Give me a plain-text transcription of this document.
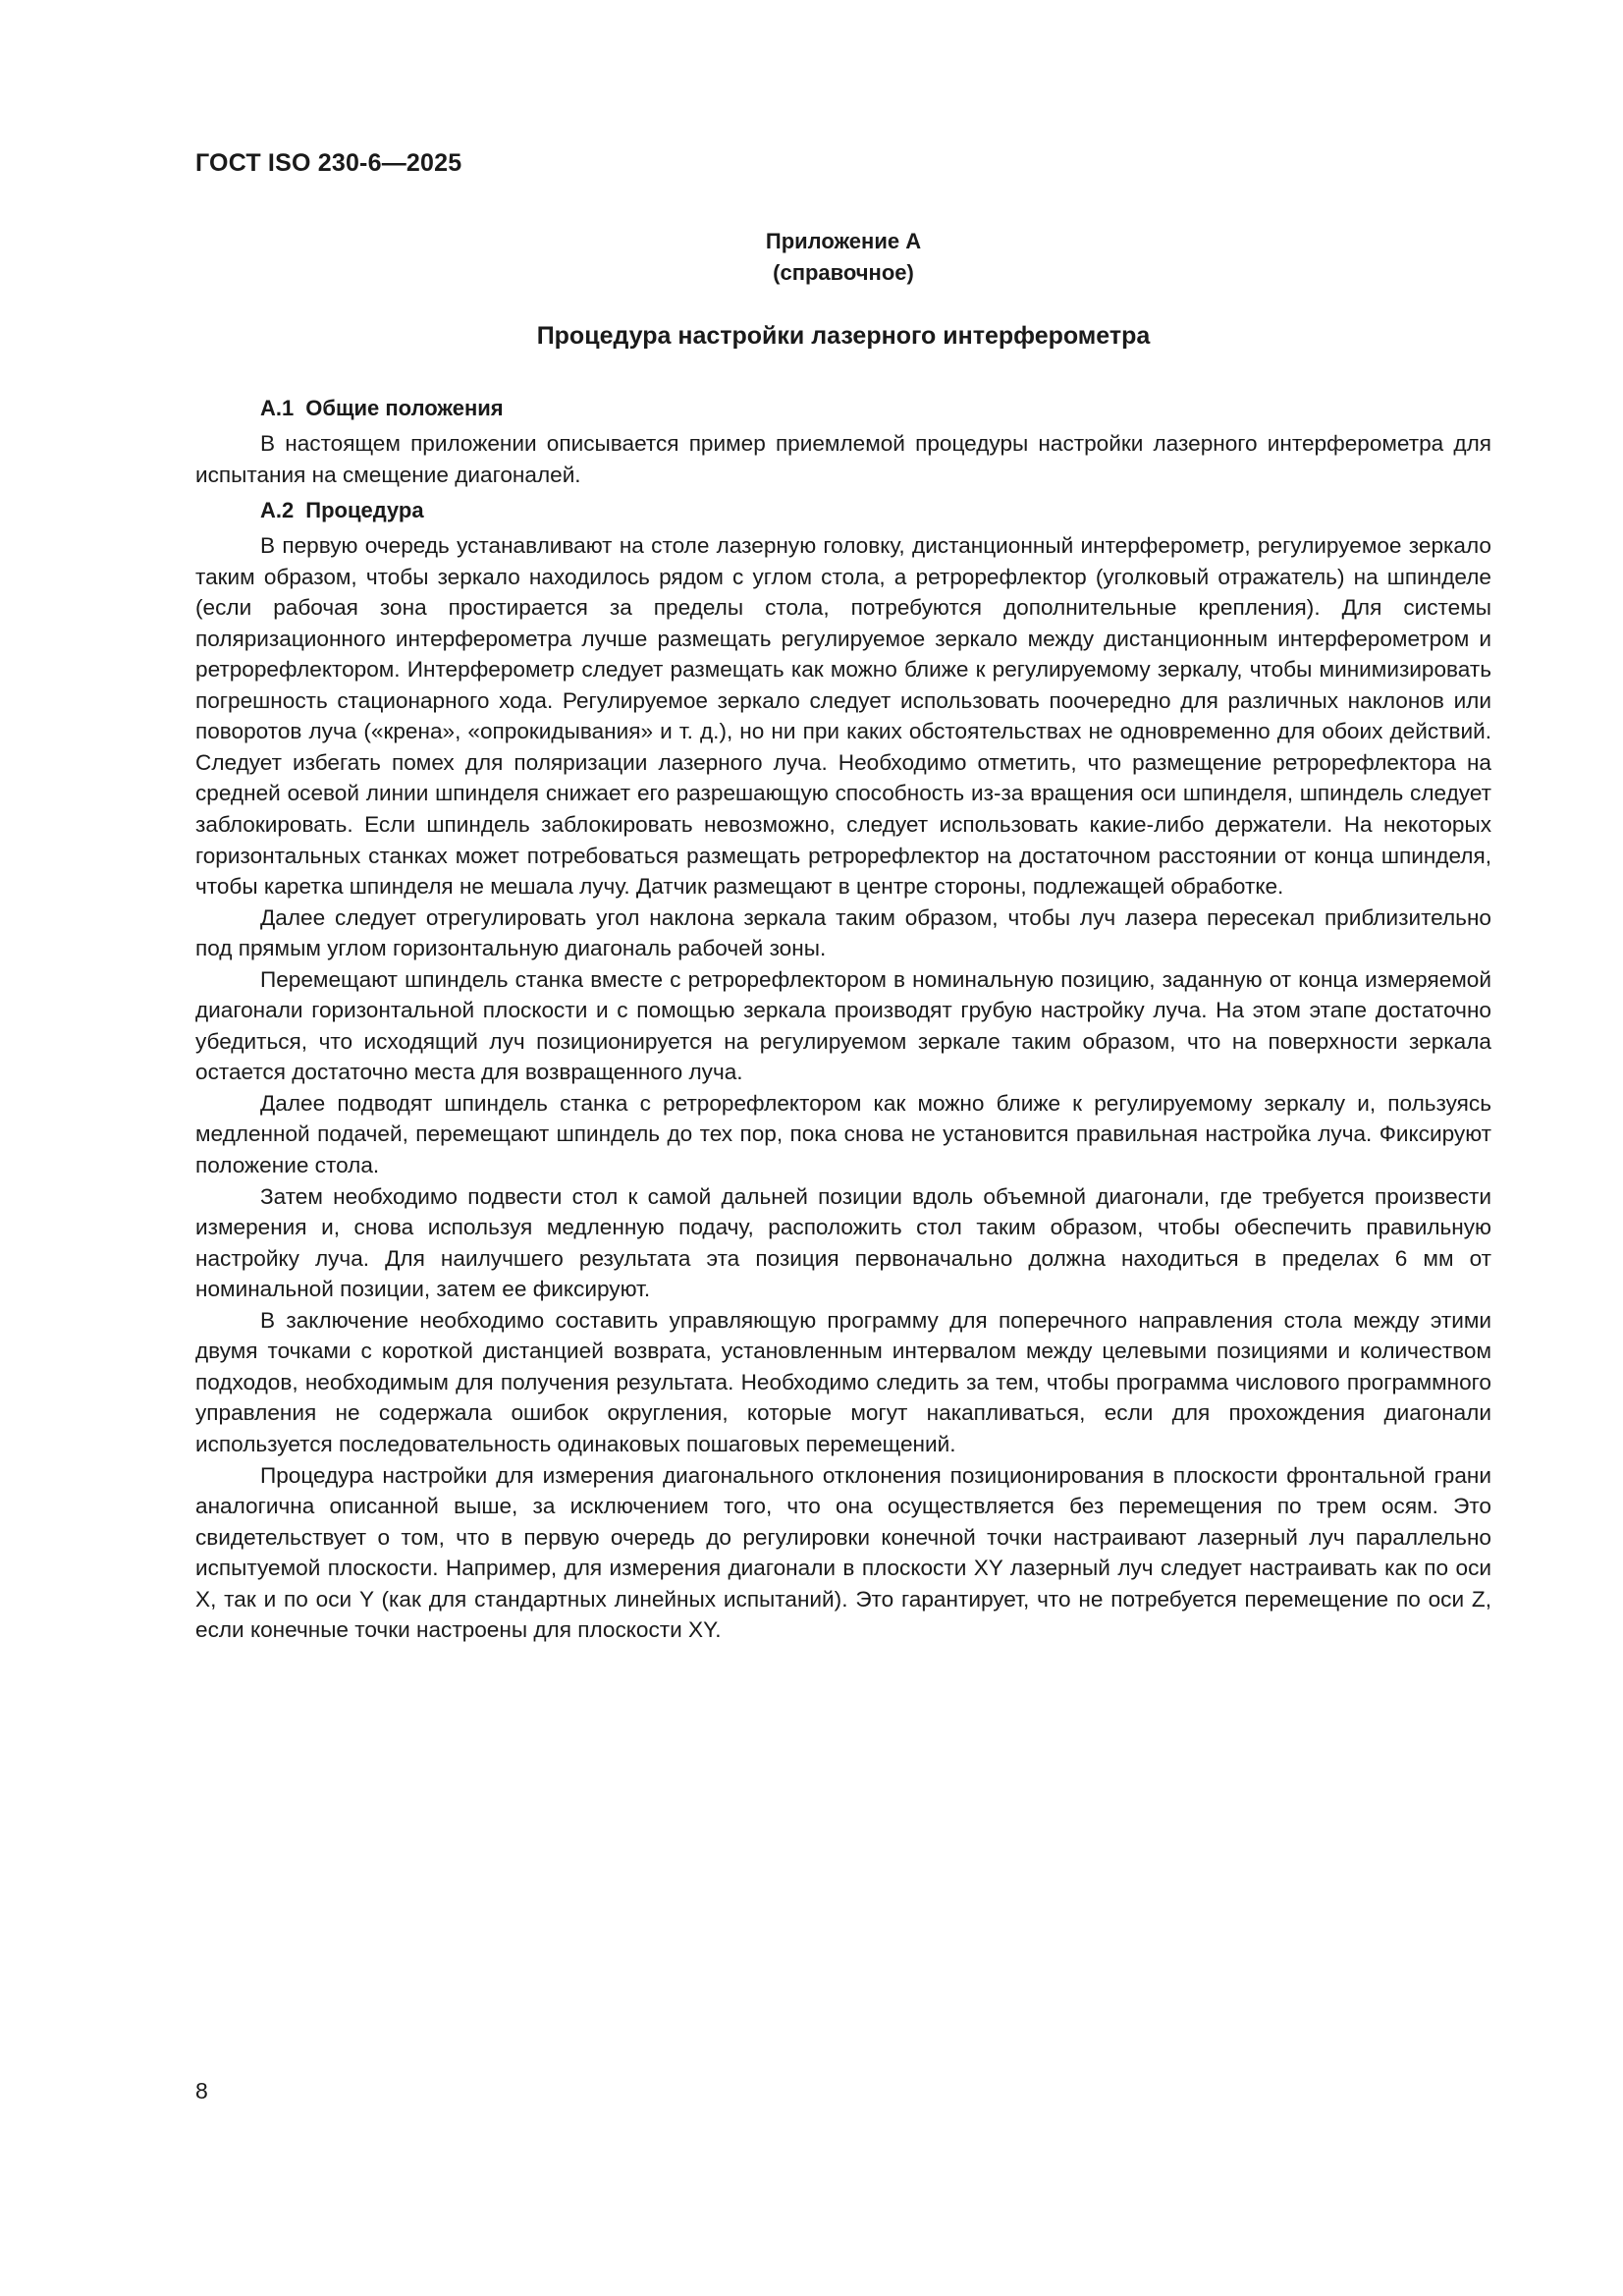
ГОСТ ISO 230-6—2025
Приложение А
(справочное)
Процедура настройки лазерного интерферометра
А.1 Общие положения

В настоящем приложении описывается пример приемлемой процедуры настройки лазерного интерферометра для испытания на смещение диагоналей.

А.2 Процедура

В первую очередь устанавливают на столе лазерную головку, дистанционный интерферометр, регулируемое зеркало таким образом, чтобы зеркало находилось рядом с углом стола, а ретрорефлектор (уголковый отражатель) на шпинделе (если рабочая зона простирается за пределы стола, потребуются дополнительные крепления). Для системы поляризационного интерферометра лучше размещать регулируемое зеркало между дистанционным интерферометром и ретрорефлектором. Интерферометр следует размещать как можно ближе к регулируемому зеркалу, чтобы минимизировать погрешность стационарного хода. Регулируемое зеркало следует использовать поочередно для различных наклонов или поворотов луча («крена», «опрокидывания» и т. д.), но ни при каких обстоятельствах не одновременно для обоих действий. Следует избегать помех для поляризации лазерного луча. Необходимо отметить, что размещение ретрорефлектора на средней осевой линии шпинделя снижает его разрешающую способность из-за вращения оси шпинделя, шпиндель следует заблокировать. Если шпиндель заблокировать невозможно, следует использовать какие-либо держатели. На некоторых горизонтальных станках может потребоваться размещать ретрорефлектор на достаточном расстоянии от конца шпинделя, чтобы каретка шпинделя не мешала лучу. Датчик размещают в центре стороны, подлежащей обработке.

Далее следует отрегулировать угол наклона зеркала таким образом, чтобы луч лазера пересекал приблизительно под прямым углом горизонтальную диагональ рабочей зоны.

Перемещают шпиндель станка вместе с ретрорефлектором в номинальную позицию, заданную от конца измеряемой диагонали горизонтальной плоскости и с помощью зеркала производят грубую настройку луча. На этом этапе достаточно убедиться, что исходящий луч позиционируется на регулируемом зеркале таким образом, что на поверхности зеркала остается достаточно места для возвращенного луча.

Далее подводят шпиндель станка с ретрорефлектором как можно ближе к регулируемому зеркалу и, пользуясь медленной подачей, перемещают шпиндель до тех пор, пока снова не установится правильная настройка луча. Фиксируют положение стола.

Затем необходимо подвести стол к самой дальней позиции вдоль объемной диагонали, где требуется произвести измерения и, снова используя медленную подачу, расположить стол таким образом, чтобы обеспечить правильную настройку луча. Для наилучшего результата эта позиция первоначально должна находиться в пределах 6 мм от номинальной позиции, затем ее фиксируют.

В заключение необходимо составить управляющую программу для поперечного направления стола между этими двумя точками с короткой дистанцией возврата, установленным интервалом между целевыми позициями и количеством подходов, необходимым для получения результата. Необходимо следить за тем, чтобы программа числового программного управления не содержала ошибок округления, которые могут накапливаться, если для прохождения диагонали используется последовательность одинаковых пошаговых перемещений.

Процедура настройки для измерения диагонального отклонения позиционирования в плоскости фронтальной грани аналогична описанной выше, за исключением того, что она осуществляется без перемещения по трем осям. Это свидетельствует о том, что в первую очередь до регулировки конечной точки настраивают лазерный луч параллельно испытуемой плоскости. Например, для измерения диагонали в плоскости XY лазерный луч следует настраивать как по оси X, так и по оси Y (как для стандартных линейных испытаний). Это гарантирует, что не потребуется перемещение по оси Z, если конечные точки настроены для плоскости XY.

8
